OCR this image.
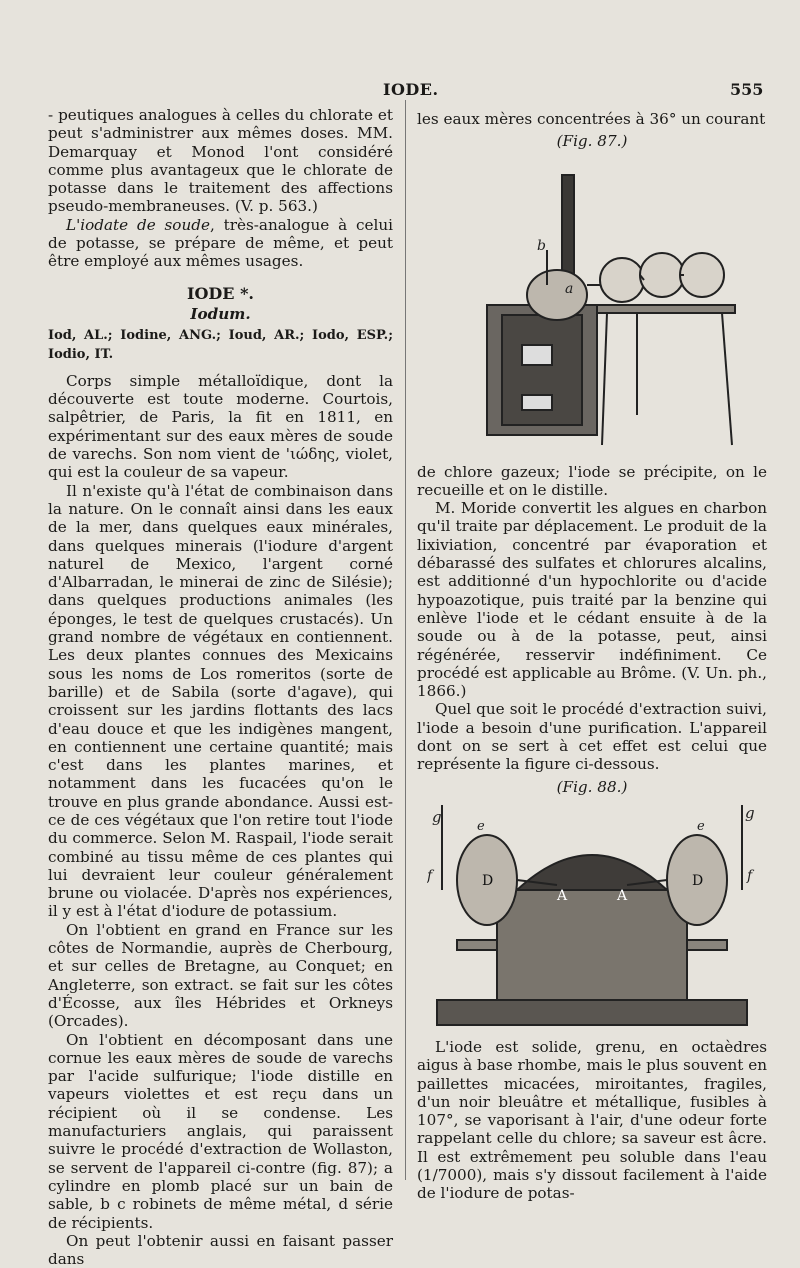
IODE.	555

- peutiques analogues à celles du chlorate et peut s'administrer aux mêmes doses. MM. Demarquay et Monod l'ont considéré comme plus avantageux que le chlorate de potasse dans le traitement des affections pseudo-membraneuses. (V. p. 563.)

L'iodate de soude, très-analogue à celui de potasse, se prépare de même, et peut être employé aux mêmes usages.

IODE *.

Iodum.

Iod, AL.; Iodine, ANG.; Ioud, AR.; Iodo, ESP.; Iodio, IT.

Corps simple métalloïdique, dont la découverte est toute moderne. Courtois, salpêtrier, de Paris, la fit en 1811, en expérimentant sur des eaux mères de soude de varechs. Son nom vient de 'ιώδης, violet, qui est la couleur de sa vapeur.

Il n'existe qu'à l'état de combinaison dans la nature. On le connaît ainsi dans les eaux de la mer, dans quelques eaux minérales, dans quelques minerais (l'iodure d'argent naturel de Mexico, l'argent corné d'Albarradan, le minerai de zinc de Silésie); dans quelques productions animales (les éponges, le test de quelques crustacés). Un grand nombre de végétaux en contiennent. Les deux plantes connues des Mexicains sous les noms de Los romeritos (sorte de barille) et de Sabila (sorte d'agave), qui croissent sur les jardins flottants des lacs d'eau douce et que les indigènes mangent, en contiennent une certaine quantité; mais c'est dans les plantes marines, et notamment dans les fucacées qu'on le trouve en plus grande abondance. Aussi est-ce de ces végétaux que l'on retire tout l'iode du commerce. Selon M. Raspail, l'iode serait combiné au tissu même de ces plantes qui lui devraient leur couleur généralement brune ou violacée. D'après nos expériences, il y est à l'état d'iodure de potassium.

On l'obtient en grand en France sur les côtes de Normandie, auprès de Cherbourg, et sur celles de Bretagne, au Conquet; en Angleterre, son extract. se fait sur les côtes d'Écosse, aux îles Hébrides et Orkneys (Orcades).

On l'obtient en décomposant dans une cornue les eaux mères de soude de varechs par l'acide sulfurique; l'iode distille en vapeurs violettes et est reçu dans un récipient où il se condense. Les manufacturiers anglais, qui paraissent suivre le procédé d'extraction de Wollaston, se servent de l'appareil ci-contre (fig. 87); a cylindre en plomb placé sur un bain de sable, b c robinets de même métal, d série de récipients.

On peut l'obtenir aussi en faisant passer dans

les eaux mères concentrées à 36° un courant

(Fig. 87.)

b
a

de chlore gazeux; l'iode se précipite, on le recueille et on le distille.

M. Moride convertit les algues en charbon qu'il traite par déplacement. Le produit de la lixiviation, concentré par évaporation et débarassé des sulfates et chlorures alcalins, est additionné d'un hypochlorite ou d'acide hypoazotique, puis traité par la benzine qui enlève l'iode et le cédant ensuite à de la soude ou à de la potasse, peut, ainsi régénérée, resservir indéfiniment. Ce procédé est applicable au Brôme. (V. Un. ph., 1866.)

Quel que soit le procédé d'extraction suivi, l'iode a besoin d'une purification. L'appareil dont on se sert à cet effet est celui que représente la figure ci-dessous.

(Fig. 88.)

g	g
e	e
f	f
D	D
A	A

L'iode est solide, grenu, en octaèdres aigus à base rhombe, mais le plus souvent en paillettes micacées, miroitantes, fragiles, d'un noir bleuâtre et métallique, fusibles à 107°, se vaporisant à l'air, d'une odeur forte rappelant celle du chlore; sa saveur est âcre. Il est extrêmement peu soluble dans l'eau (1/7000), mais s'y dissout facilement à l'aide de l'iodure de potas-
